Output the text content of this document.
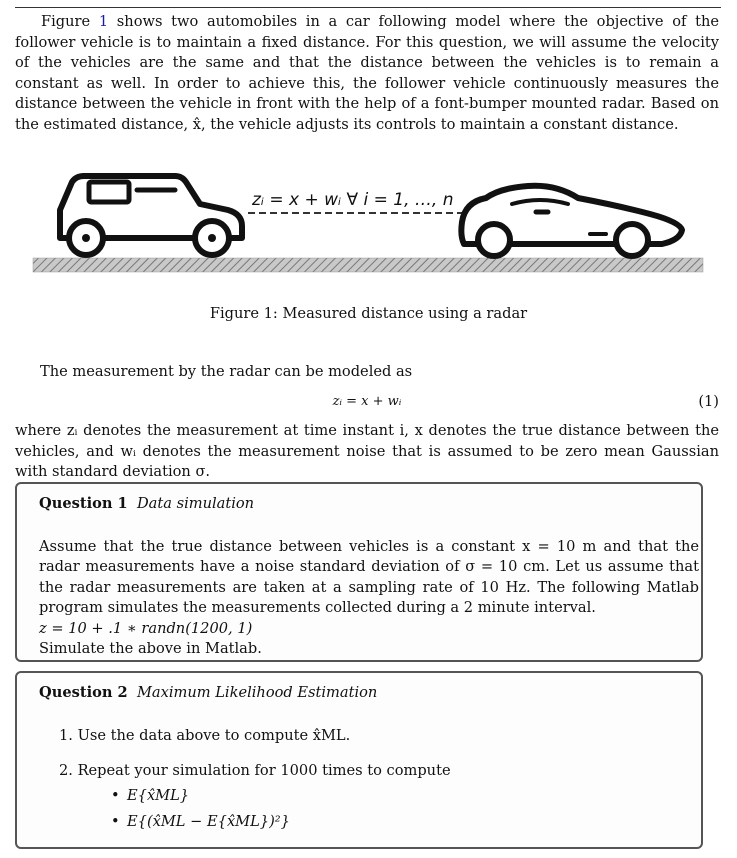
Figure 1 shows two automobiles in a car following model where the objective of the follower vehicle is to maintain a fixed distance. For this question, we will assume the velocity of the vehicles are the same and that the distance between the vehicles is to remain a constant as well. In order to achieve this, the follower vehicle continuously measures the distance between the vehicle in front with the help of a font-bumper mounted radar. Based on the estimated distance, x̂, the vehicle adjusts its controls to maintain a constant distance.

zᵢ = x + wᵢ ∀ i = 1, …, n
Figure 1: Measured distance using a radar
The measurement by the radar can be modeled as
zᵢ = x + wᵢ	(1)

where zᵢ denotes the measurement at time instant i, x denotes the true distance between the vehicles, and wᵢ denotes the measurement noise that is assumed to be zero mean Gaussian with standard deviation σ.

Question 1 Data simulation

Assume that the true distance between vehicles is a constant x = 10 m and that the radar measurements have a noise standard deviation of σ = 10 cm. Let us assume that the radar measurements are taken at a sampling rate of 10 Hz. The following Matlab program simulates the measurements collected during a 2 minute interval.

z = 10 + .1 ∗ randn(1200, 1)

Simulate the above in Matlab.

Question 2 Maximum Likelihood Estimation

1. Use the data above to compute x̂ML.
2. Repeat your simulation for 1000 times to compute
• E{x̂ML}
• E{(x̂ML − E{x̂ML})²}
